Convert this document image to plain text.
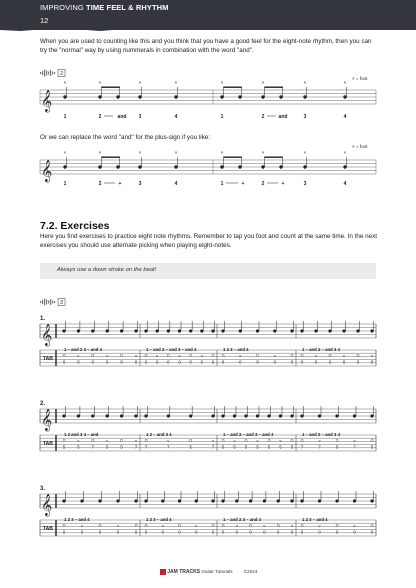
IMPROVING TIME FEEL & RHYTHM
12
When you are used to counting like this and you think that you have a good feel for the eight-note rhythm, then you can try the "normal" way by using nummerals in combination with the word "and".
2
× = foot
𝄞
×	×	×	×	×	×	×	×
1	2	and 3	4	1	2	and	3	4
Or we can replace the word "and" for the plus-sign if you like:
× = foot
𝄞
×	×	×	×	×	×	×	×
1	2	+	3	4	1	+	2	+	3	4
7.2. Exercises
Here you find exercises to practice eight note rhythms. Remember to tap you foot and count at the same time. In the next exercises you should use alternate picking when playing eight-notes.
Always use a down stroke on the beat!
3
1.
𝄞
TAB 0
⊓
0
v
0
⊓
0
v
0
⊓
0
v
1 – and 2 3 – and 4
0
⊓
0
v
0
⊓
0
v
0
⊓
0
v
0
⊓
1 – and 2 – and 3 – and 4
0
⊓
0
v
0
⊓
0
v
0
⊓
1 2 3 – and 4
0
⊓
0
v
0
⊓
0
v
0
⊓
0
v
1 – and 2 – and 3 4
2.
𝄞
TAB 5
⊓
5
v
7
⊓
5
v
5
⊓
7
v
1 2 and 3 4 – and
7
⊓
7
v
5
⊓
7
v
1 2 – and 3 4
5
⊓
5
v
5
⊓
5
v
5
⊓
5
v
5
⊓
1 – and 2 – and 3 – and 4
7
⊓
7
v
5
⊓
7
v
5
⊓
1 – and 2 – and 3 4
3.
𝄞
TAB 0
⊓
0
v
0
⊓
0
v
0
⊓
1 2 3 – and 4
0
⊓
0
v
0
⊓
0
v
0
⊓
1 2 3 – and 4
0
⊓
0
v
0
⊓
0
v
0
⊓
0
v
1 – and 2 3 – and 4
0
⊓
0
v
0
⊓
0
v
0
⊓
1 2 3 – and 4
JAM TRACKS Guitar Tutorials ©2024
